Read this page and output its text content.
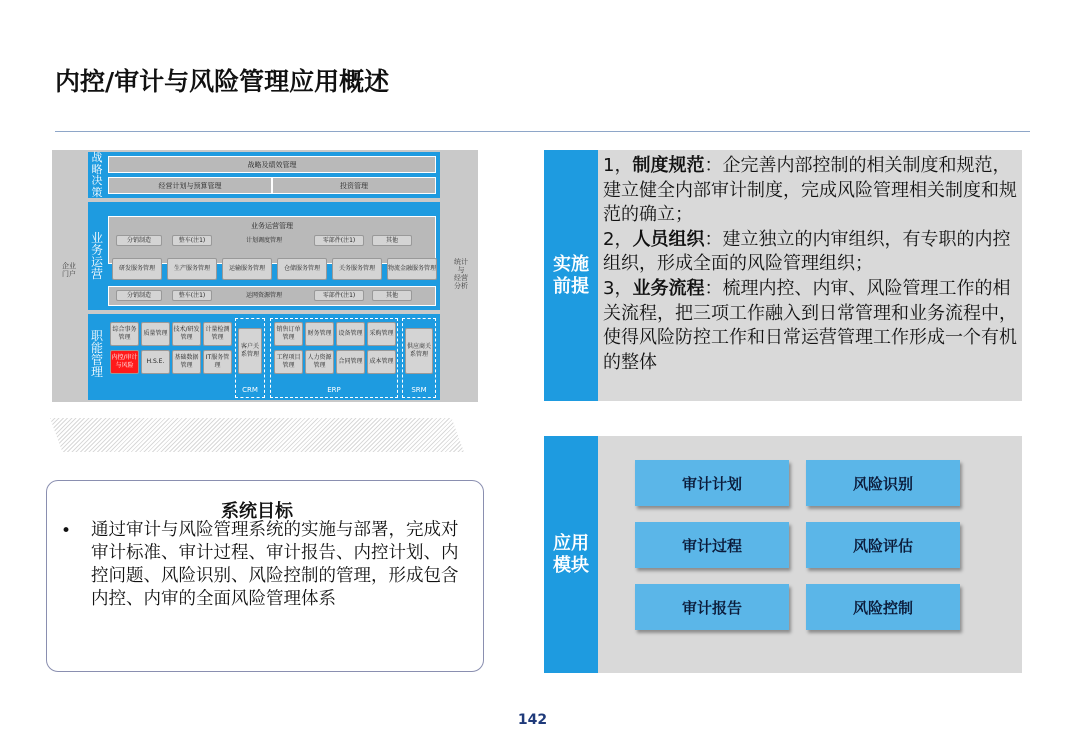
内控/审计与风险管理应用概述
企业
门户
统计
与
经营
分析
战略决策
战略及绩效管理
经营计划与预算管理	投资管理
业务运营
业务运营管理
分销制造	整车(注1)	计划调度管理	零部件(注1)	其他
研发服务管理	生产服务管理	运输服务管理	仓储服务管理	关务服务管理	物流金融服务管理
分销制造	整车(注1)	运网资源管理	零部件(注1)	其他
职能管理
客户关系管理
CRM	ERP
供应商关系管理
SRM
综合事务管理
质量管理
技术/研发管理
计量检测管理
内控/审计与风险
H.S.E.
基础数据管理
IT服务管理
销售订单管理
财务管理	设备管理	采购管理
工程项目管理
人力资源管理
合同管理	成本管理
系统目标
• 通过审计与风险管理系统的实施与部署，完成对审计标准、审计过程、审计报告、内控计划、内控问题、风险识别、风险控制的管理，形成包含内控、内审的全面风险管理体系
实施前提
1，制度规范：企完善内部控制的相关制度和规范，建立健全内部审计制度，完成风险管理相关制度和规范的确立；
2，人员组织：建立独立的内审组织，有专职的内控组织，形成全面的风险管理组织；
3，业务流程：梳理内控、内审、风险管理工作的相关流程，把三项工作融入到日常管理和业务流程中，使得风险防控工作和日常运营管理工作形成一个有机的整体
应用模块
审计计划	风险识别
审计过程	风险评估
审计报告	风险控制
142
